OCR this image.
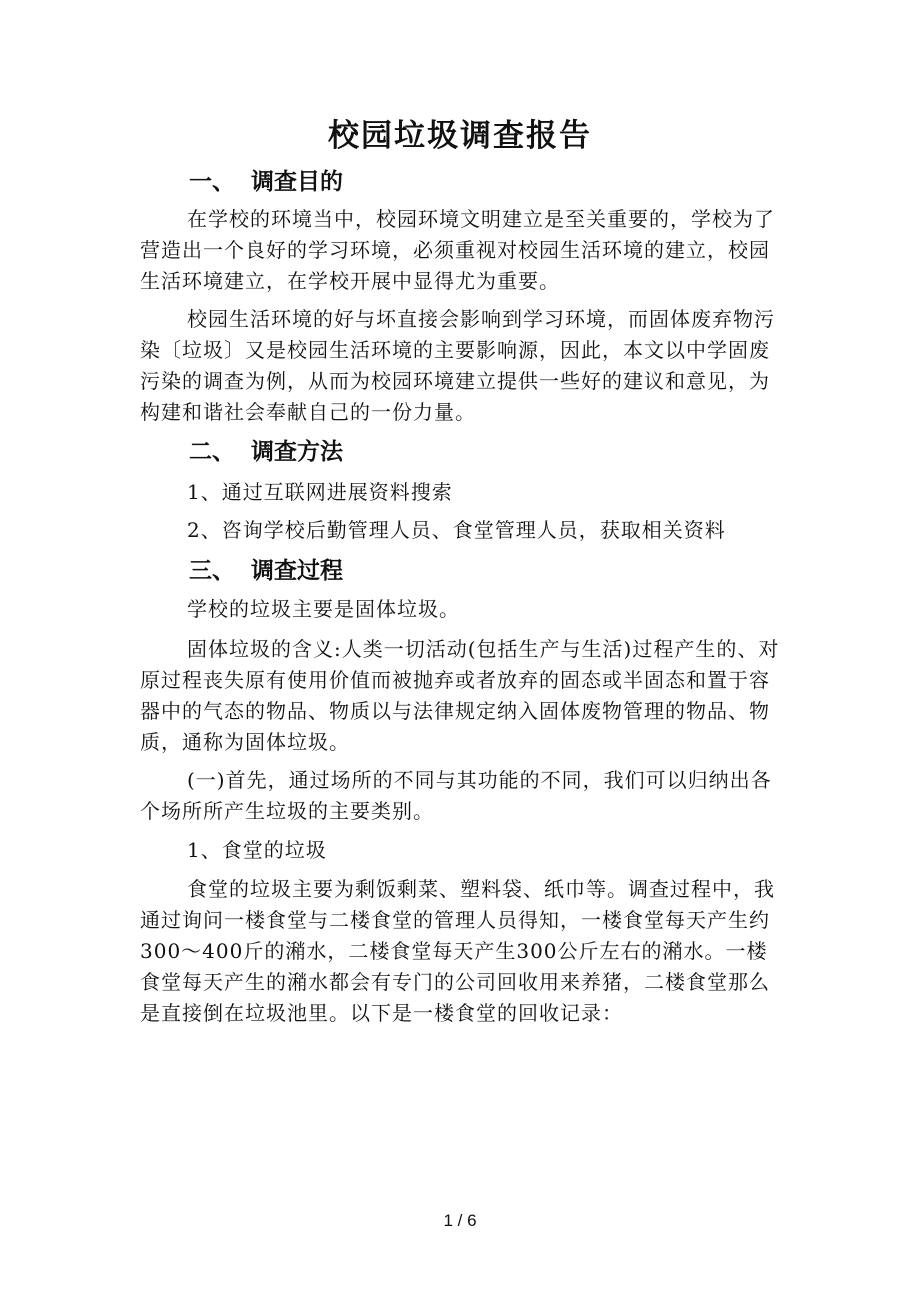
校园垃圾调查报告
一、 调查目的

在学校的环境当中，校园环境文明建立是至关重要的，学校为了营造出一个良好的学习环境，必须重视对校园生活环境的建立，校园生活环境建立，在学校开展中显得尤为重要。

校园生活环境的好与坏直接会影响到学习环境，而固体废弃物污染〔垃圾〕又是校园生活环境的主要影响源，因此，本文以中学固废污染的调查为例，从而为校园环境建立提供一些好的建议和意见，为构建和谐社会奉献自己的一份力量。

二、 调查方法
1、通过互联网进展资料搜索
2、咨询学校后勤管理人员、食堂管理人员，获取相关资料
三、 调查过程
学校的垃圾主要是固体垃圾。

固体垃圾的含义:人类一切活动(包括生产与生活)过程产生的、对原过程丧失原有使用价值而被抛弃或者放弃的固态或半固态和置于容器中的气态的物品、物质以与法律规定纳入固体废物管理的物品、物质，通称为固体垃圾。

(一)首先，通过场所的不同与其功能的不同，我们可以归纳出各个场所所产生垃圾的主要类别。

1、食堂的垃圾

食堂的垃圾主要为剩饭剩菜、塑料袋、纸巾等。调查过程中，我通过询问一楼食堂与二楼食堂的管理人员得知，一楼食堂每天产生约300～400斤的潲水，二楼食堂每天产生300公斤左右的潲水。一楼食堂每天产生的潲水都会有专门的公司回收用来养猪，二楼食堂那么是直接倒在垃圾池里。以下是一楼食堂的回收记录：

1 / 6
